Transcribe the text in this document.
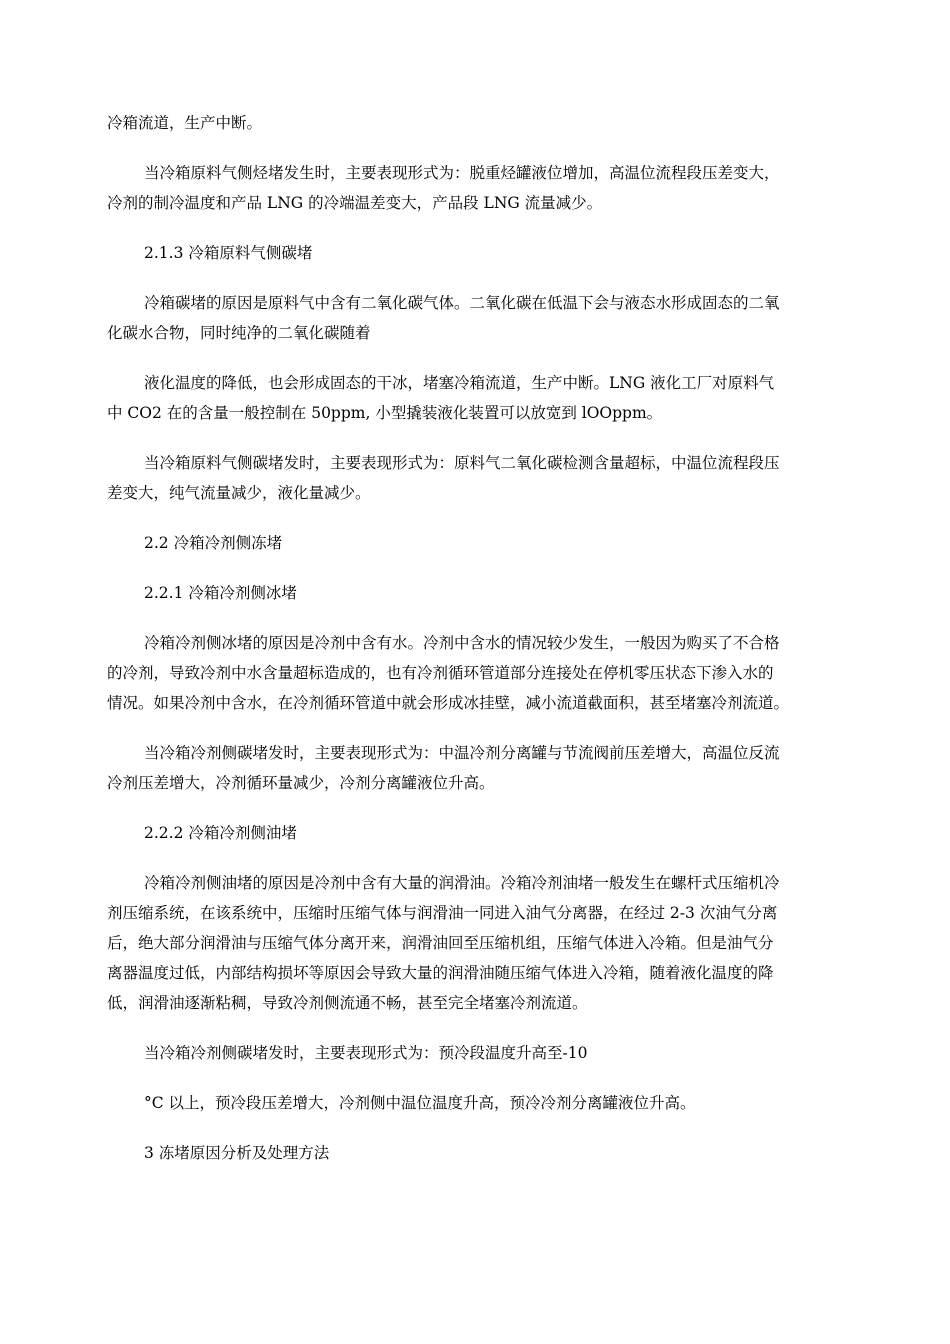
冷箱流道，生产中断。

当冷箱原料气侧烃堵发生时，主要表现形式为：脱重烃罐液位增加，高温位流程段压差变大，
冷剂的制冷温度和产品 LNG 的冷端温差变大，产品段 LNG 流量减少。

2.1.3 冷箱原料气侧碳堵

冷箱碳堵的原因是原料气中含有二氧化碳气体。二氧化碳在低温下会与液态水形成固态的二氧
化碳水合物，同时纯净的二氧化碳随着

液化温度的降低，也会形成固态的干冰，堵塞冷箱流道，生产中断。LNG 液化工厂对原料气
中 CO2 在的含量一般控制在 50ppm, 小型撬装液化装置可以放宽到 lOOppm。

当冷箱原料气侧碳堵发时，主要表现形式为：原料气二氧化碳检测含量超标，中温位流程段压
差变大，纯气流量减少，液化量减少。

2.2 冷箱冷剂侧冻堵

2.2.1 冷箱冷剂侧冰堵

冷箱冷剂侧冰堵的原因是冷剂中含有水。冷剂中含水的情况较少发生，一般因为购买了不合格
的冷剂，导致冷剂中水含量超标造成的，也有冷剂循环管道部分连接处在停机零压状态下渗入水的
情况。如果冷剂中含水，在冷剂循环管道中就会形成冰挂壁，减小流道截面积，甚至堵塞冷剂流道。

当冷箱冷剂侧碳堵发时，主要表现形式为：中温冷剂分离罐与节流阀前压差增大，高温位反流
冷剂压差增大，冷剂循环量减少，冷剂分离罐液位升高。

2.2.2 冷箱冷剂侧油堵

冷箱冷剂侧油堵的原因是冷剂中含有大量的润滑油。冷箱冷剂油堵一般发生在螺杆式压缩机冷
剂压缩系统，在该系统中，压缩时压缩气体与润滑油一同进入油气分离器，在经过 2-3 次油气分离
后，绝大部分润滑油与压缩气体分离开来，润滑油回至压缩机组，压缩气体进入冷箱。但是油气分
离器温度过低，内部结构损坏等原因会导致大量的润滑油随压缩气体进入冷箱，随着液化温度的降
低，润滑油逐渐粘稠，导致冷剂侧流通不畅，甚至完全堵塞冷剂流道。

当冷箱冷剂侧碳堵发时，主要表现形式为：预冷段温度升高至-10

°C 以上，预冷段压差增大，冷剂侧中温位温度升高，预冷冷剂分离罐液位升高。

3 冻堵原因分析及处理方法
